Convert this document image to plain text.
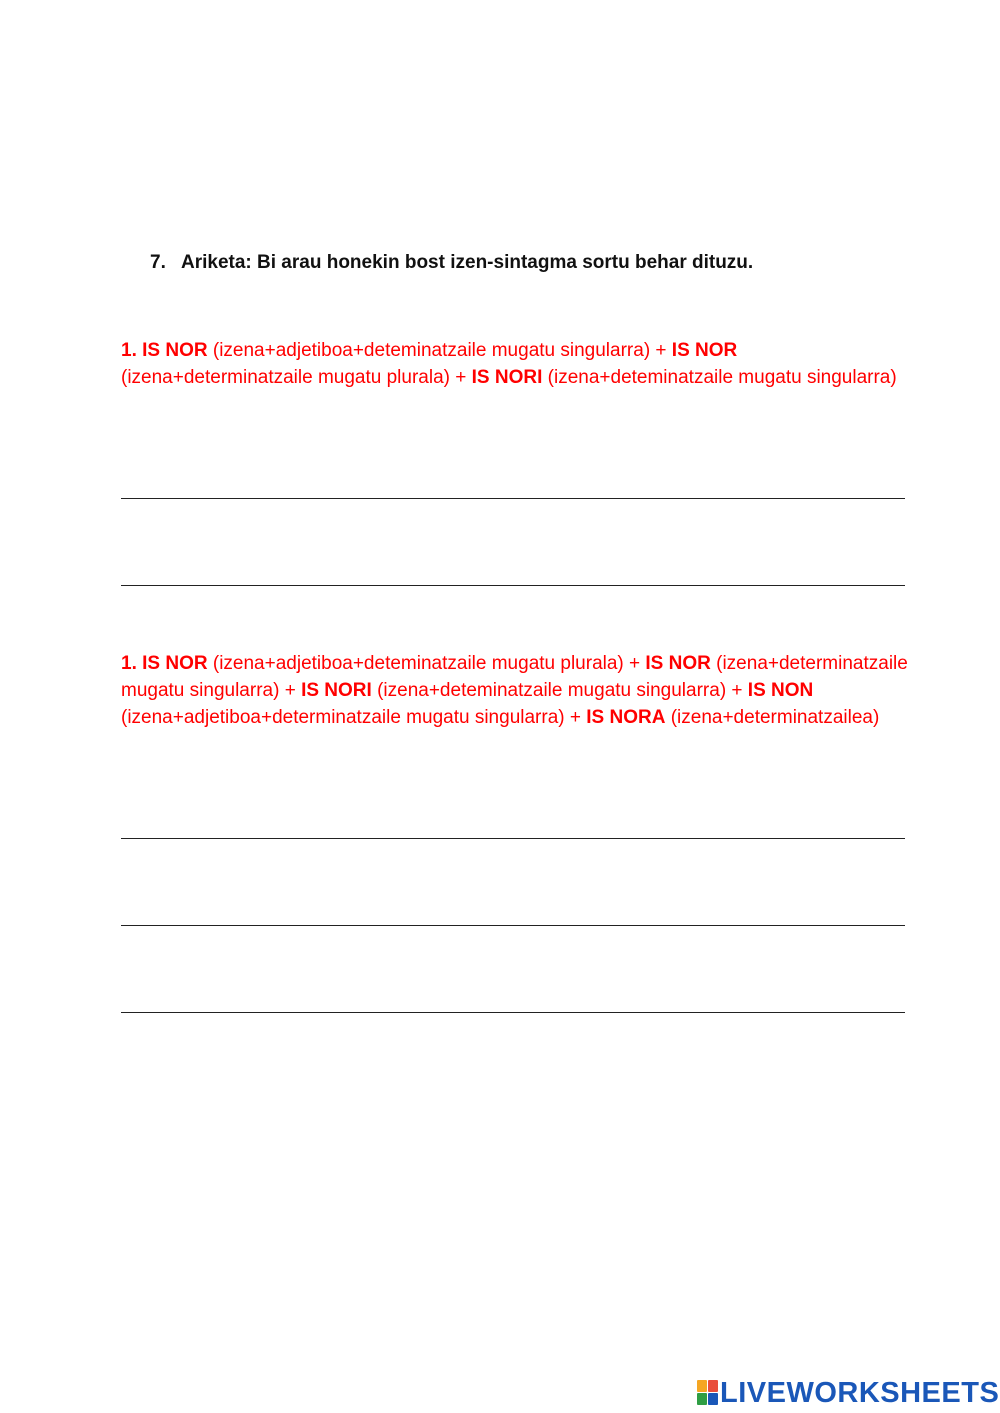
7. Ariketa: Bi arau honekin bost izen-sintagma sortu behar dituzu.

1. IS NOR (izena+adjetiboa+deteminatzaile mugatu singularra) + IS NOR (izena+determinatzaile mugatu plurala) + IS NORI (izena+deteminatzaile mugatu singularra)

1. IS NOR (izena+adjetiboa+deteminatzaile mugatu plurala) + IS NOR (izena+determinatzaile mugatu singularra) + IS NORI (izena+deteminatzaile mugatu singularra) + IS NON (izena+adjetiboa+determinatzaile mugatu singularra) + IS NORA (izena+determinatzailea)

LIVEWORKSHEETS
